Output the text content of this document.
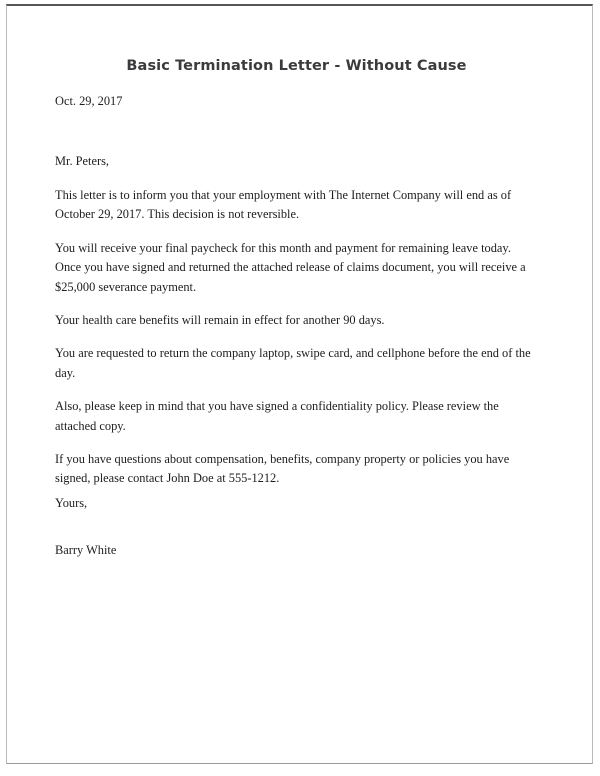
Basic Termination Letter - Without Cause
Oct. 29, 2017
Mr. Peters,

This letter is to inform you that your employment with The Internet Company will end as of October 29, 2017. This decision is not reversible.

You will receive your final paycheck for this month and payment for remaining leave today. Once you have signed and returned the attached release of claims document, you will receive a $25,000 severance payment.

Your health care benefits will remain in effect for another 90 days.

You are requested to return the company laptop, swipe card, and cellphone before the end of the day.

Also, please keep in mind that you have signed a confidentiality policy. Please review the attached copy.

If you have questions about compensation, benefits, company property or policies you have signed, please contact John Doe at 555-1212.

Yours,

Barry White
